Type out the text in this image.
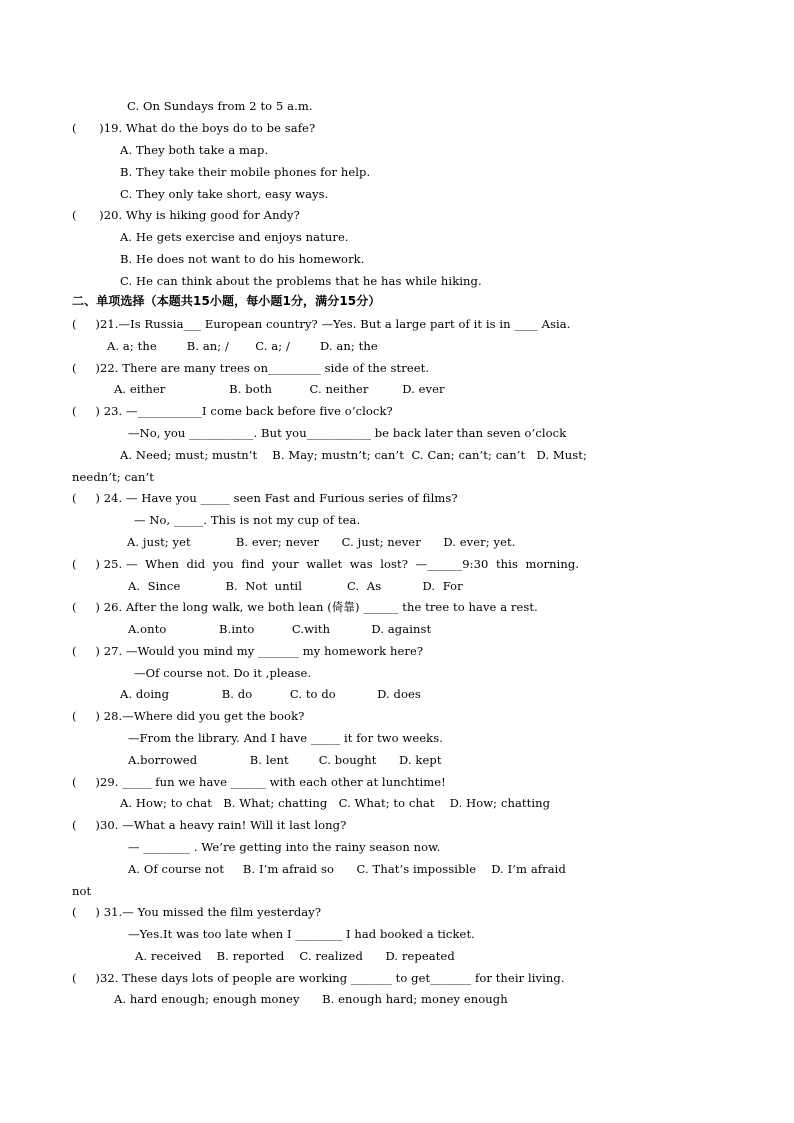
C. On Sundays from 2 to 5 a.m.
(      )19. What do the boys do to be safe?
A. They both take a map.
B. They take their mobile phones for help.
C. They only take short, easy ways.
(      )20. Why is hiking good for Andy?
A. He gets exercise and enjoys nature.
B. He does not want to do his homework.
C. He can think about the problems that he has while hiking.
二、单项选择（本题共15小题，每小题1分，满分15分）
(     )21.—Is Russia___ European country? —Yes. But a large part of it is in ____ Asia.
A. a; the        B. an; /       C. a; /        D. an; the
(     )22. There are many trees on_________ side of the street.
A. either                 B. both          C. neither         D. ever
(     ) 23. —___________I come back before five o’clock?
—No, you ___________. But you___________ be back later than seven o’clock
A. Need; must; mustn’t    B. May; mustn’t; can’t  C. Can; can’t; can’t   D. Must;
needn’t; can’t
(     ) 24. — Have you _____ seen Fast and Furious series of films?
— No, _____. This is not my cup of tea.
A. just; yet            B. ever; never      C. just; never      D. ever; yet.
(     ) 25. —  When  did  you  find  your  wallet  was  lost?  —______9:30  this  morning.
A.  Since            B.  Not  until            C.  As           D.  For
(     ) 26. After the long walk, we both lean (倚靠) ______ the tree to have a rest.
A.onto              B.into          C.with           D. against
(     ) 27. —Would you mind my _______ my homework here?
—Of course not. Do it ,please.
A. doing              B. do          C. to do           D. does
(     ) 28.—Where did you get the book?
—From the library. And I have _____ it for two weeks.
A.borrowed              B. lent        C. bought      D. kept
(     )29. _____ fun we have ______ with each other at lunchtime!
A. How; to chat   B. What; chatting   C. What; to chat    D. How; chatting
(     )30. —What a heavy rain! Will it last long?
— ________ . We’re getting into the rainy season now.
A. Of course not     B. I’m afraid so      C. That’s impossible    D. I’m afraid
not
(     ) 31.— You missed the film yesterday?
—Yes.It was too late when I ________ I had booked a ticket.
A. received    B. reported    C. realized      D. repeated
(     )32. These days lots of people are working _______ to get_______ for their living.
A. hard enough; enough money      B. enough hard; money enough
